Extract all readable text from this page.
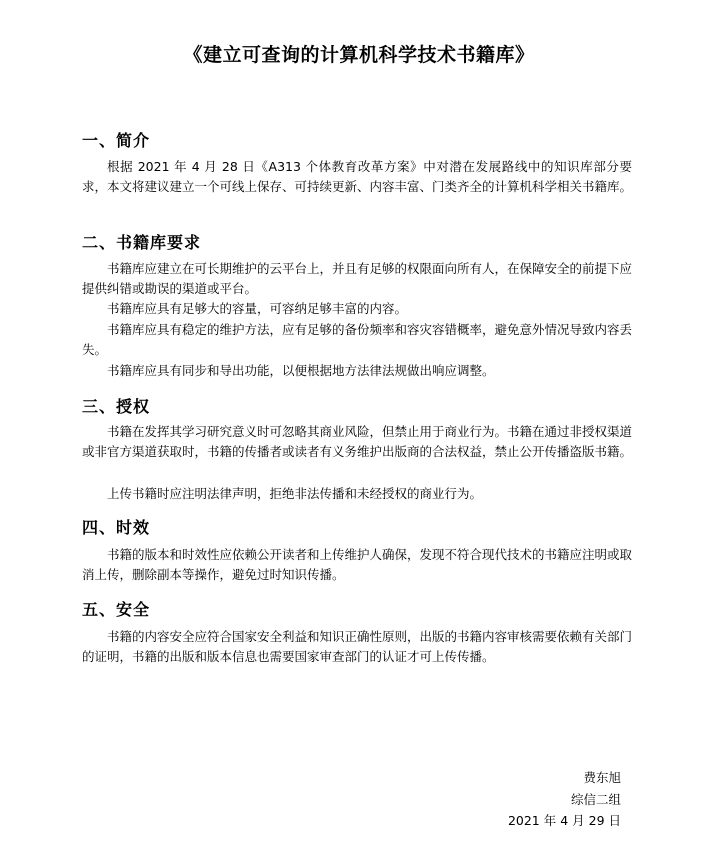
《建立可查询的计算机科学技术书籍库》
一、简介
根据 2021 年 4 月 28 日《A313 个体教育改革方案》中对潜在发展路线中的知识库部分要求，本文将建议建立一个可线上保存、可持续更新、内容丰富、门类齐全的计算机科学相关书籍库。
二、书籍库要求
书籍库应建立在可长期维护的云平台上，并且有足够的权限面向所有人，在保障安全的前提下应提供纠错或勘误的渠道或平台。
书籍库应具有足够大的容量，可容纳足够丰富的内容。
书籍库应具有稳定的维护方法，应有足够的备份频率和容灾容错概率，避免意外情况导致内容丢失。
书籍库应具有同步和导出功能，以便根据地方法律法规做出响应调整。
三、授权
书籍在发挥其学习研究意义时可忽略其商业风险，但禁止用于商业行为。书籍在通过非授权渠道或非官方渠道获取时，书籍的传播者或读者有义务维护出版商的合法权益，禁止公开传播盗版书籍。
上传书籍时应注明法律声明，拒绝非法传播和未经授权的商业行为。
四、时效
书籍的版本和时效性应依赖公开读者和上传维护人确保，发现不符合现代技术的书籍应注明或取消上传，删除副本等操作，避免过时知识传播。
五、安全
书籍的内容安全应符合国家安全利益和知识正确性原则，出版的书籍内容审核需要依赖有关部门的证明，书籍的出版和版本信息也需要国家审查部门的认证才可上传传播。
费东旭
综信二组
2021 年 4 月 29 日
